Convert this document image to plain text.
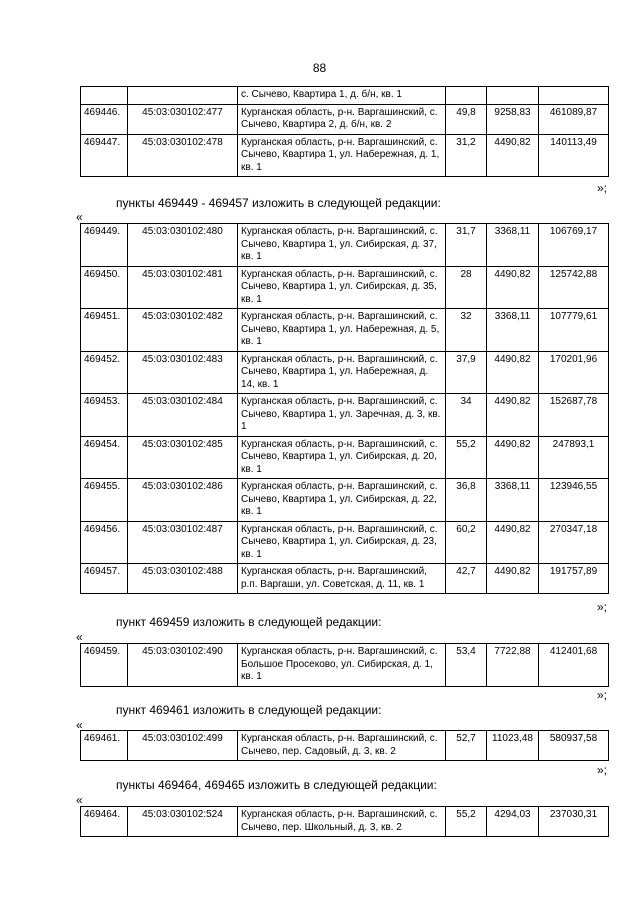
88
		с. Сычево, Квартира 1, д. б/н, кв. 1			
469446.	45:03:030102:477	Курганская область, р-н. Варгашинский, с. Сычево, Квартира 2, д. б/н, кв. 2	49,8	9258,83	461089,87
469447.	45:03:030102:478	Курганская область, р-н. Варгашинский, с. Сычево, Квартира 1, ул. Набережная, д. 1, кв. 1	31,2	4490,82	140113,49
»;
пункты 469449 - 469457 изложить в следующей редакции:
«
469449.	45:03:030102:480	Курганская область, р-н. Варгашинский, с. Сычево, Квартира 1, ул. Сибирская, д. 37, кв. 1	31,7	3368,11	106769,17
469450.	45:03:030102:481	Курганская область, р-н. Варгашинский, с. Сычево, Квартира 1, ул. Сибирская, д. 35, кв. 1	28	4490,82	125742,88
469451.	45:03:030102:482	Курганская область, р-н. Варгашинский, с. Сычево, Квартира 1, ул. Набережная, д. 5, кв. 1	32	3368,11	107779,61
469452.	45:03:030102:483	Курганская область, р-н. Варгашинский, с. Сычево, Квартира 1, ул. Набережная, д. 14, кв. 1	37,9	4490,82	170201,96
469453.	45:03:030102:484	Курганская область, р-н. Варгашинский, с. Сычево, Квартира 1, ул. Заречная, д. 3, кв. 1	34	4490,82	152687,78
469454.	45:03:030102:485	Курганская область, р-н. Варгашинский, с. Сычево, Квартира 1, ул. Сибирская, д. 20, кв. 1	55,2	4490,82	247893,1
469455.	45:03:030102:486	Курганская область, р-н. Варгашинский, с. Сычево, Квартира 1, ул. Сибирская, д. 22, кв. 1	36,8	3368,11	123946,55
469456.	45:03:030102:487	Курганская область, р-н. Варгашинский, с. Сычево, Квартира 1, ул. Сибирская, д. 23, кв. 1	60,2	4490,82	270347,18
469457.	45:03:030102:488	Курганская область, р-н. Варгашинский, р.п. Варгаши, ул. Советская, д. 11, кв. 1	42,7	4490,82	191757,89
»;
пункт 469459 изложить в следующей редакции:
«
469459.	45:03:030102:490	Курганская область, р-н. Варгашинский, с. Большое Просеково, ул. Сибирская, д. 1, кв. 1	53,4	7722,88	412401,68
»;
пункт 469461 изложить в следующей редакции:
«
469461.	45:03:030102:499	Курганская область, р-н. Варгашинский, с. Сычево, пер. Садовый, д. 3, кв. 2	52,7	11023,48	580937,58
»;
пункты 469464, 469465 изложить в следующей редакции:
«
469464.	45:03:030102:524	Курганская область, р-н. Варгашинский, с. Сычево, пер. Школьный, д. 3, кв. 2	55,2	4294,03	237030,31
